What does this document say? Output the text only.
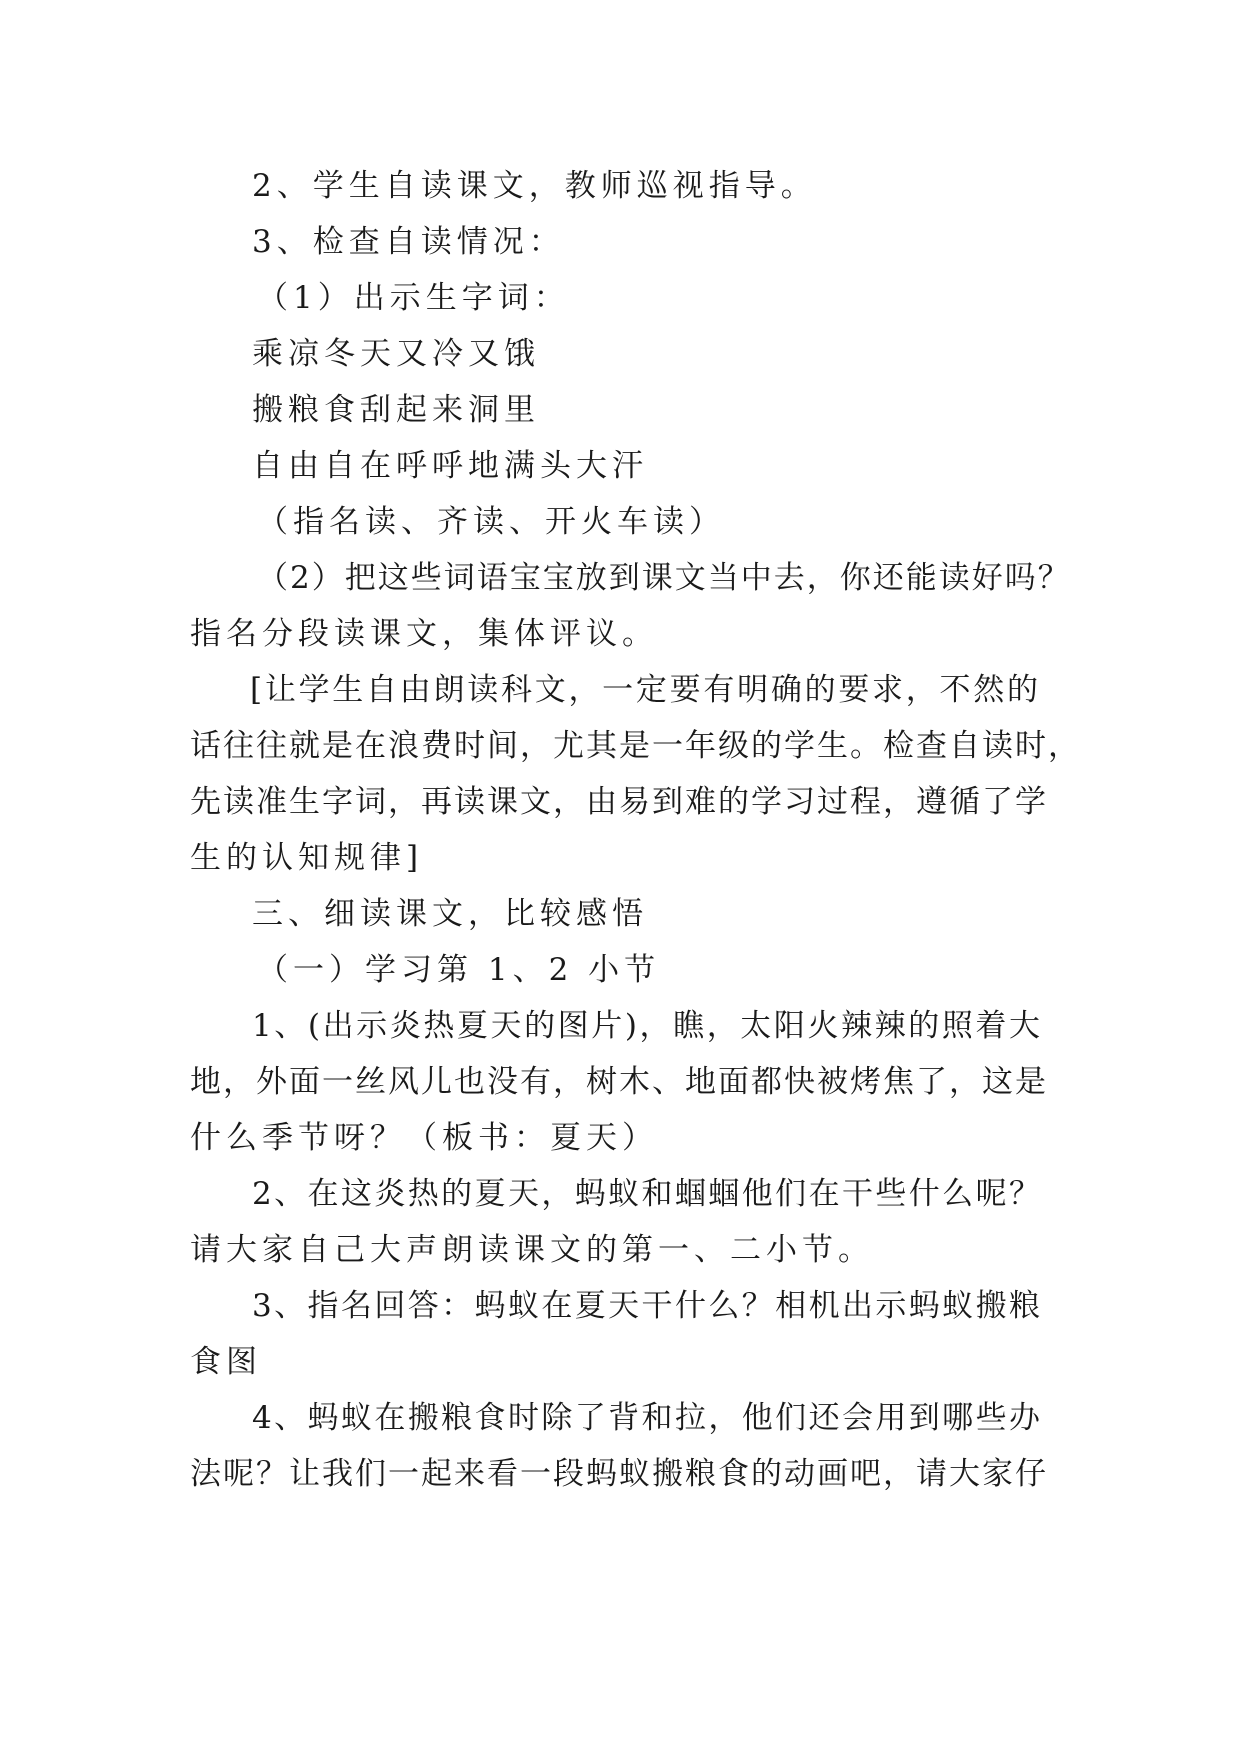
2、学生自读课文，教师巡视指导。
3、检查自读情况：
（1）出示生字词：
乘凉冬天又冷又饿
搬粮食刮起来洞里
自由自在呼呼地满头大汗
（指名读、齐读、开火车读）
（2）把这些词语宝宝放到课文当中去，你还能读好吗？
指名分段读课文，集体评议。
[让学生自由朗读科文，一定要有明确的要求，不然的
话往往就是在浪费时间，尤其是一年级的学生。检查自读时，
先读准生字词，再读课文，由易到难的学习过程，遵循了学
生的认知规律]
三、细读课文，比较感悟
（一）学习第 1、2 小节
1、(出示炎热夏天的图片)，瞧，太阳火辣辣的照着大
地，外面一丝风儿也没有，树木、地面都快被烤焦了，这是
什么季节呀？（板书：夏天）
2、在这炎热的夏天，蚂蚁和蝈蝈他们在干些什么呢？
请大家自己大声朗读课文的第一、二小节。
3、指名回答：蚂蚁在夏天干什么？相机出示蚂蚁搬粮
食图
4、蚂蚁在搬粮食时除了背和拉，他们还会用到哪些办
法呢？让我们一起来看一段蚂蚁搬粮食的动画吧，请大家仔
